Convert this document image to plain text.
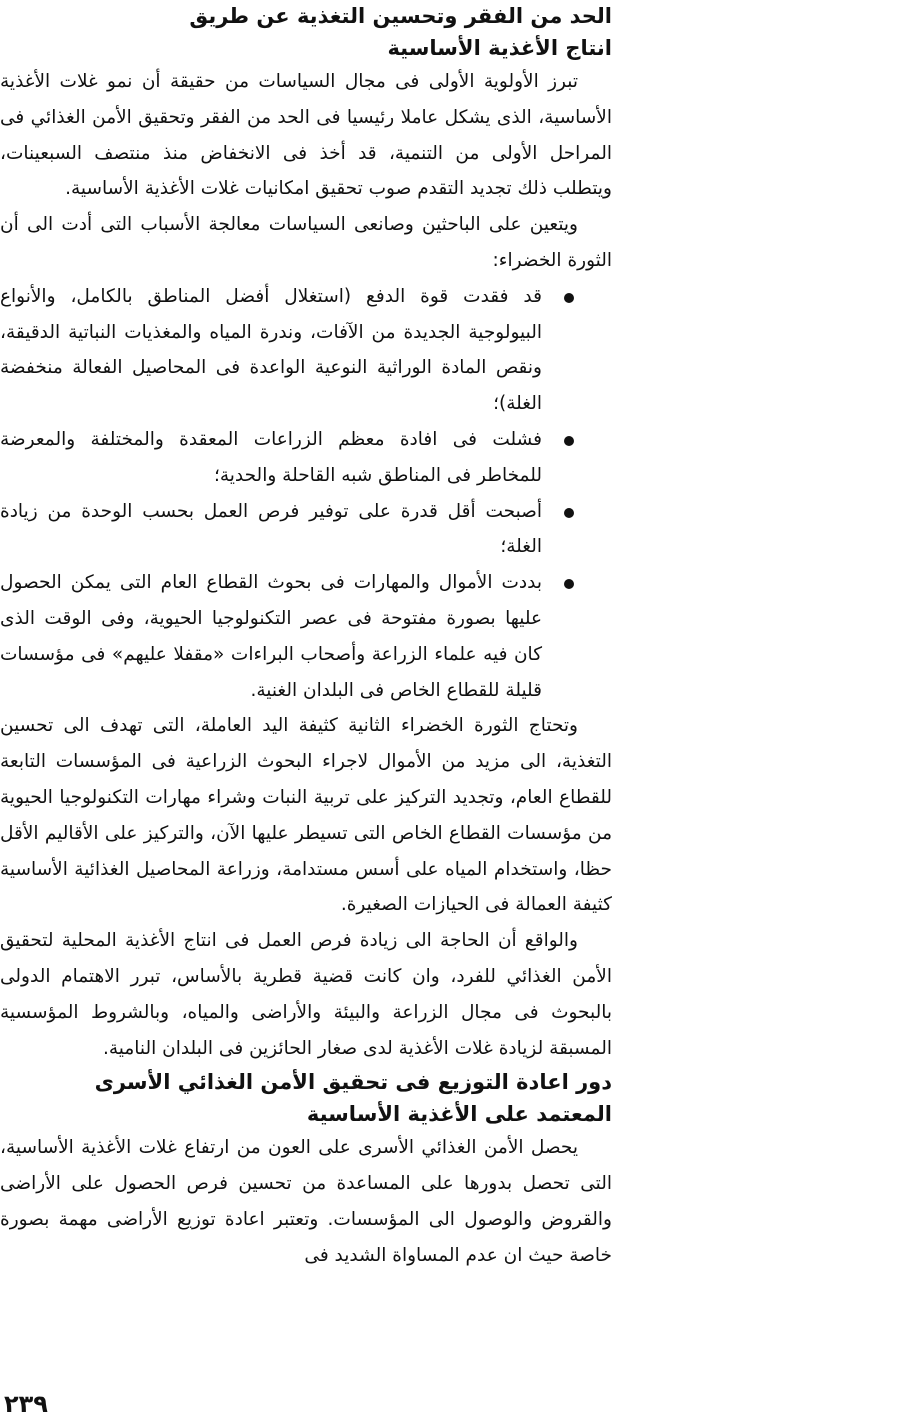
الحد من الفقر وتحسين التغذية عن طريق
انتاج الأغذية الأساسية

تبرز الأولوية الأولى فى مجال السياسات من حقيقة أن نمو غلات الأغذية الأساسية، الذى يشكل عاملا رئيسيا فى الحد من الفقر وتحقيق الأمن الغذائي فى المراحل الأولى من التنمية، قد أخذ فى الانخفاض منذ منتصف السبعينات، ويتطلب ذلك تجديد التقدم صوب تحقيق امكانيات غلات الأغذية الأساسية.

ويتعين على الباحثين وصانعى السياسات معالجة الأسباب التى أدت الى أن الثورة الخضراء:

قد فقدت قوة الدفع (استغلال أفضل المناطق بالكامل، والأنواع البيولوجية الجديدة من الآفات، وندرة المياه والمغذيات النباتية الدقيقة، ونقص المادة الوراثية النوعية الواعدة فى المحاصيل الفعالة منخفضة الغلة)؛
فشلت فى افادة معظم الزراعات المعقدة والمختلفة والمعرضة للمخاطر فى المناطق شبه القاحلة والحدية؛
أصبحت أقل قدرة على توفير فرص العمل بحسب الوحدة من زيادة الغلة؛
بددت الأموال والمهارات فى بحوث القطاع العام التى يمكن الحصول عليها بصورة مفتوحة فى عصر التكنولوجيا الحيوية، وفى الوقت الذى كان فيه علماء الزراعة وأصحاب البراءات «مقفلا عليهم» فى مؤسسات قليلة للقطاع الخاص فى البلدان الغنية.

وتحتاج الثورة الخضراء الثانية كثيفة اليد العاملة، التى تهدف الى تحسين التغذية، الى مزيد من الأموال لاجراء البحوث الزراعية فى المؤسسات التابعة للقطاع العام، وتجديد التركيز على تربية النبات وشراء مهارات التكنولوجيا الحيوية من مؤسسات القطاع الخاص التى تسيطر عليها الآن، والتركيز على الأقاليم الأقل حظا، واستخدام المياه على أسس مستدامة، وزراعة المحاصيل الغذائية الأساسية كثيفة العمالة فى الحيازات الصغيرة.

والواقع أن الحاجة الى زيادة فرص العمل فى انتاج الأغذية المحلية لتحقيق الأمن الغذائي للفرد، وان كانت قضية قطرية بالأساس، تبرر الاهتمام الدولى بالبحوث فى مجال الزراعة والبيئة والأراضى والمياه، وبالشروط المؤسسية المسبقة لزيادة غلات الأغذية لدى صغار الحائزين فى البلدان النامية.

دور اعادة التوزيع فى تحقيق الأمن الغذائي الأسرى
المعتمد على الأغذية الأساسية

يحصل الأمن الغذائي الأسرى على العون من ارتفاع غلات الأغذية الأساسية، التى تحصل بدورها على المساعدة من تحسين فرص الحصول على الأراضى والقروض والوصول الى المؤسسات. وتعتبر اعادة توزيع الأراضى مهمة بصورة خاصة حيث ان عدم المساواة الشديد فى

٢٣٩
